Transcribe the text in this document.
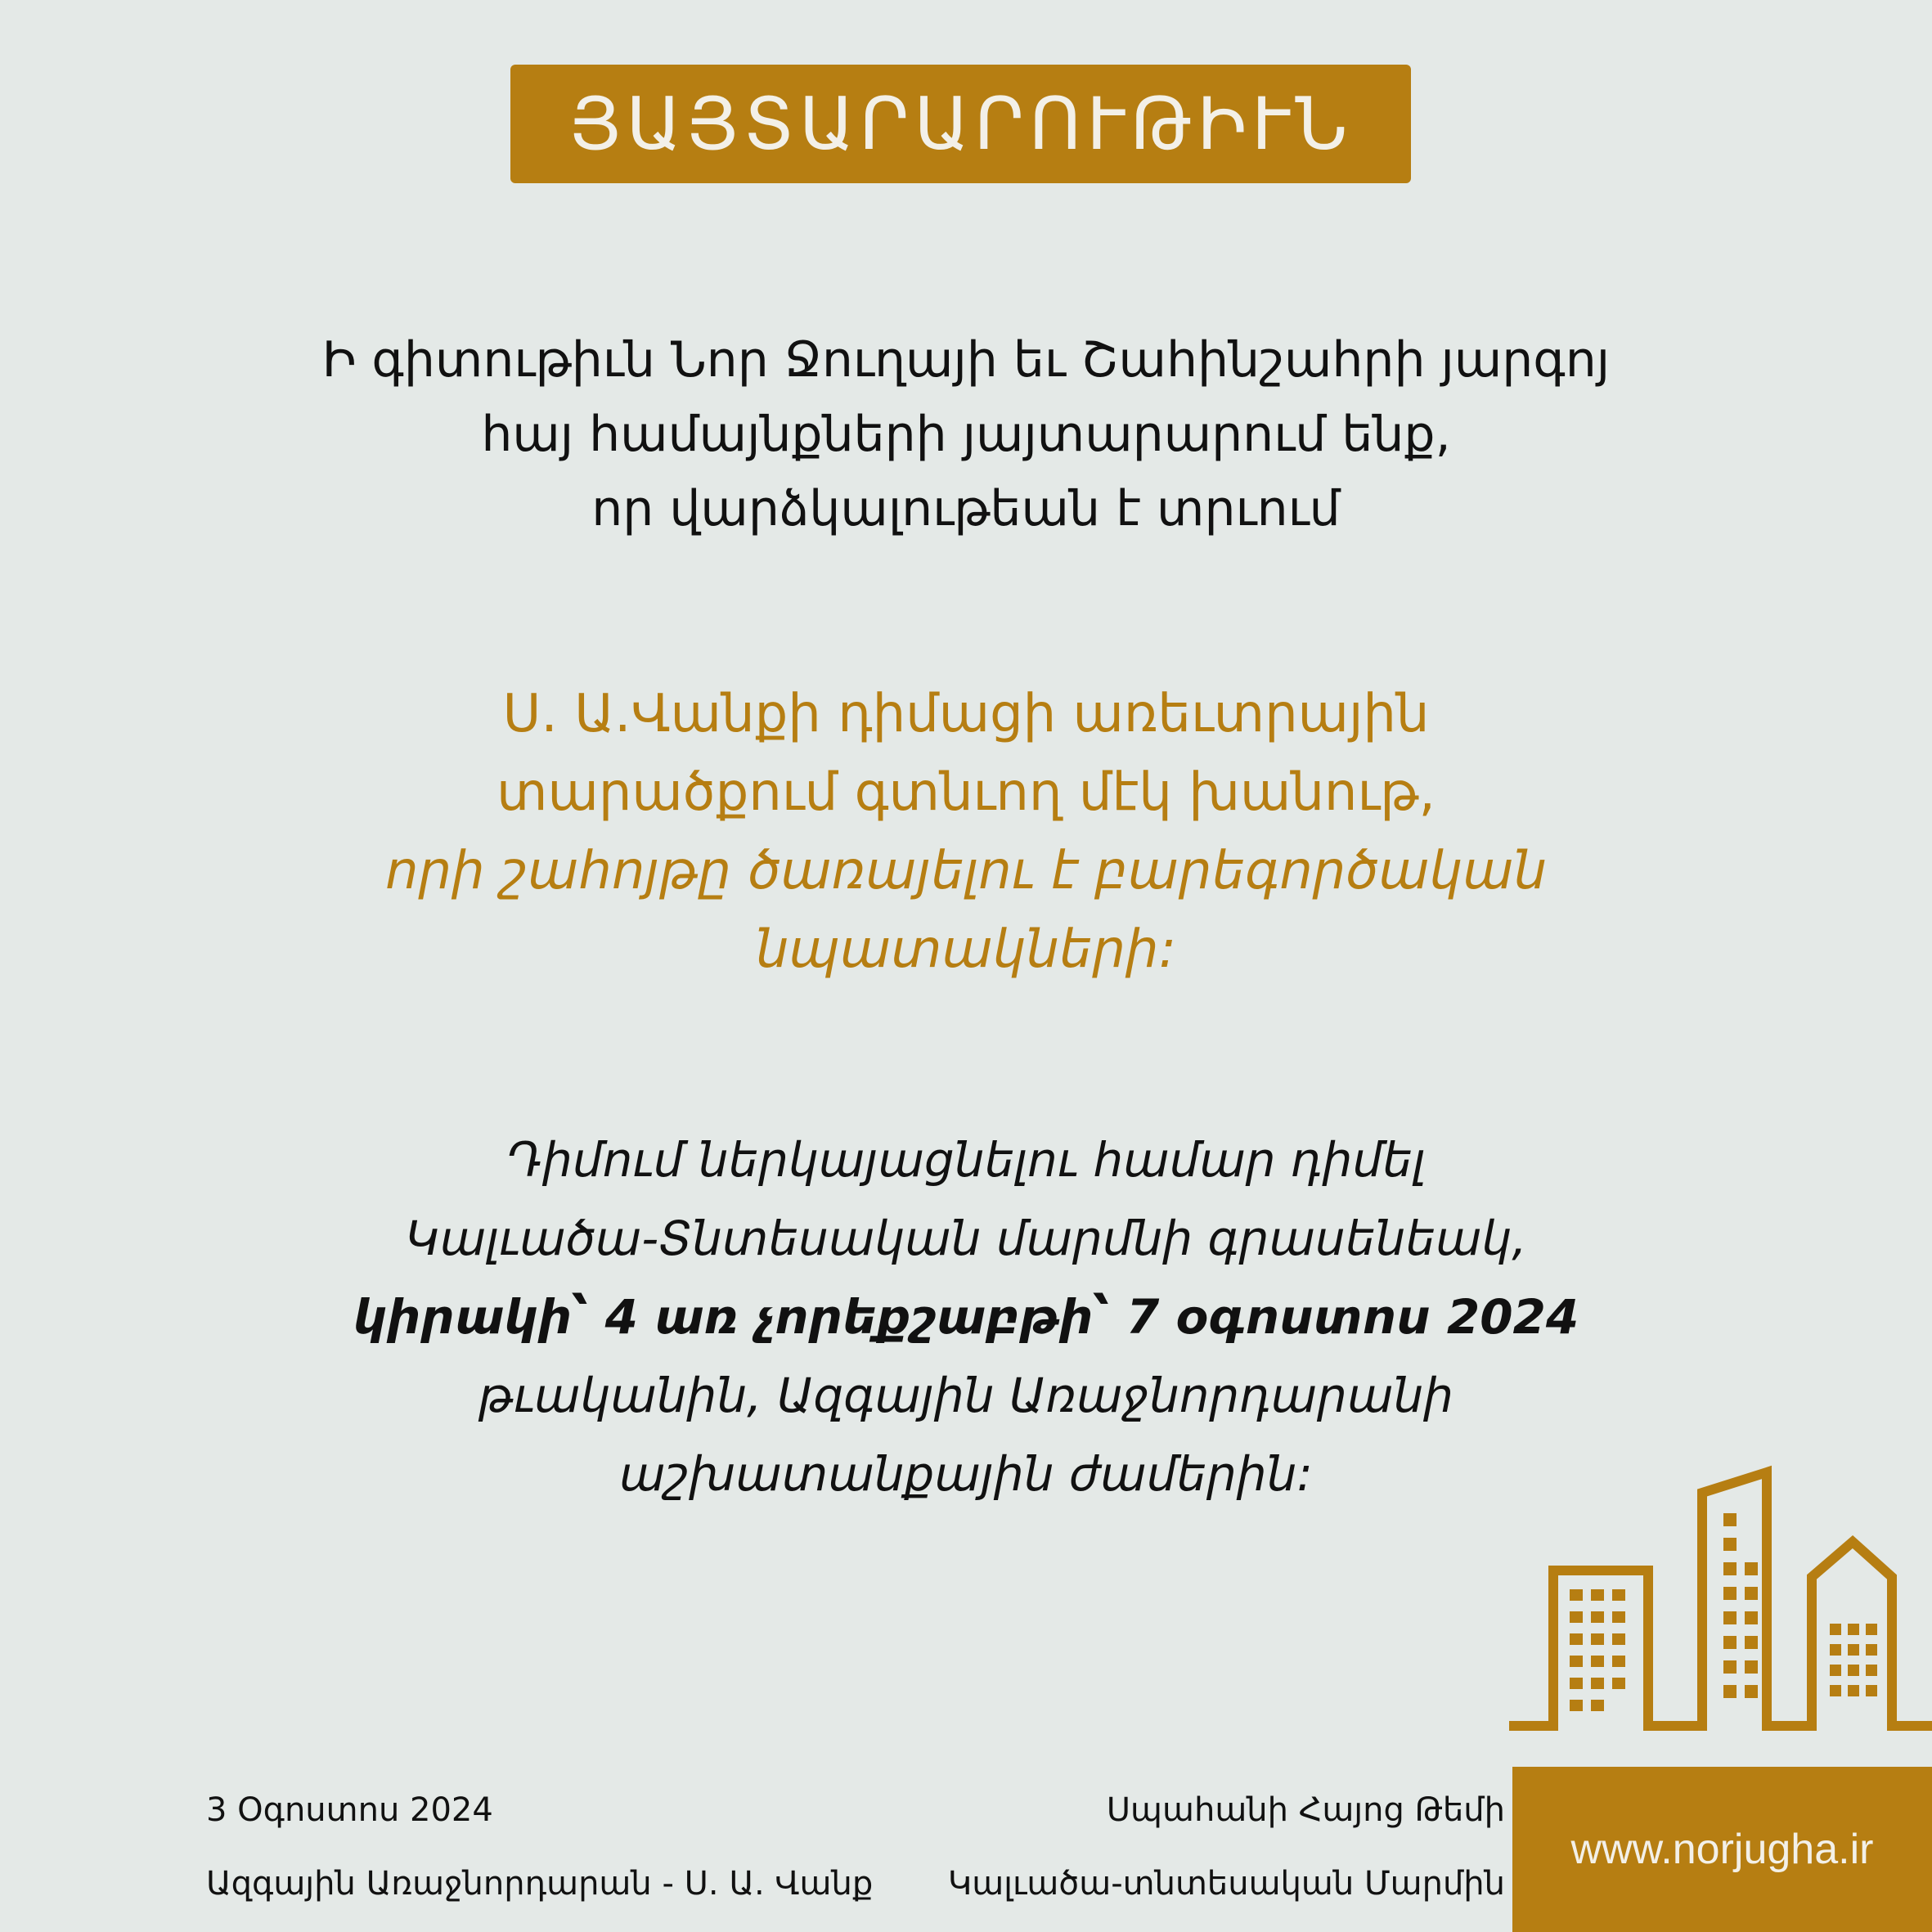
ՅԱՅՏԱՐԱՐՈՒԹԻՒՆ
Ի գիտութիւն Նոր Ջուղայի եւ Շահինշահրի յարգոյ
հայ համայնքների յայտարարում ենք,
որ վարձկալութեան է տրւում
Ս. Ա.Վանքի դիմացի առեւտրային
տարածքում գտնւող մէկ խանութ,
որի շահոյթը ծառայելու է բարեգործական
նպատակների:
Դիմում ներկայացնելու համար դիմել
Կալւածա-Տնտեսական մարմնի գրասենեակ,
կիրակի՝ 4 առ չորեքշաբթի՝ 7 օգոստոս 2024
թւականին, Ազգային Առաջնորդարանի
աշխատանքային ժամերին:
3 Օգոստոս 2024
Ազգային Առաջնորդարան - Ս. Ա. Վանք
Սպահանի Հայոց Թեմի
Կալւածա-տնտեսական Մարմին
www.norjugha.ir
